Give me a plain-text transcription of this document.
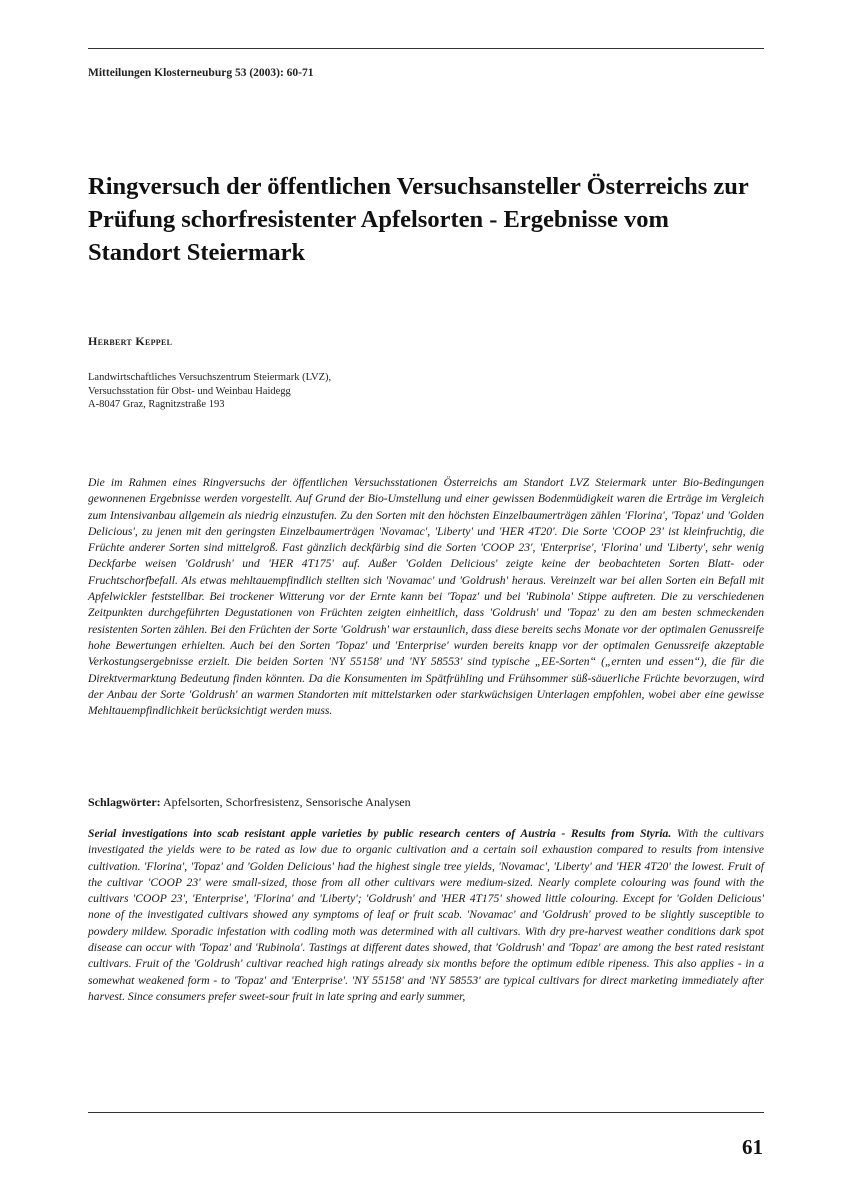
Mitteilungen Klosterneuburg 53 (2003): 60-71
Ringversuch der öffentlichen Versuchsansteller Österreichs zur Prüfung schorfresistenter Apfelsorten - Ergebnisse vom Standort Steiermark
Herbert Keppel
Landwirtschaftliches Versuchszentrum Steiermark (LVZ),
Versuchsstation für Obst- und Weinbau Haidegg
A-8047 Graz, Ragnitzstraße 193

Die im Rahmen eines Ringversuchs der öffentlichen Versuchsstationen Österreichs am Standort LVZ Steiermark unter Bio-Bedingungen gewonnenen Ergebnisse werden vorgestellt. Auf Grund der Bio-Umstellung und einer gewissen Bodenmüdigkeit waren die Erträge im Vergleich zum Intensivanbau allgemein als niedrig einzustufen. Zu den Sorten mit den höchsten Einzelbaumerträgen zählen 'Florina', 'Topaz' und 'Golden Delicious', zu jenen mit den geringsten Einzelbaumerträgen 'Novamac', 'Liberty' und 'HER 4T20'. Die Sorte 'COOP 23' ist kleinfruchtig, die Früchte anderer Sorten sind mittelgroß. Fast gänzlich deckfärbig sind die Sorten 'COOP 23', 'Enterprise', 'Florina' und 'Liberty', sehr wenig Deckfarbe weisen 'Goldrush' und 'HER 4T175' auf. Außer 'Golden Delicious' zeigte keine der beobachteten Sorten Blatt- oder Fruchtschorfbefall. Als etwas mehltauempfindlich stellten sich 'Novamac' und 'Goldrush' heraus. Vereinzelt war bei allen Sorten ein Befall mit Apfelwickler feststellbar. Bei trockener Witterung vor der Ernte kann bei 'Topaz' und bei 'Rubinola' Stippe auftreten. Die zu verschiedenen Zeitpunkten durchgeführten Degustationen von Früchten zeigten einheitlich, dass 'Goldrush' und 'Topaz' zu den am besten schmeckenden resistenten Sorten zählen. Bei den Früchten der Sorte 'Goldrush' war erstaunlich, dass diese bereits sechs Monate vor der optimalen Genussreife hohe Bewertungen erhielten. Auch bei den Sorten 'Topaz' und 'Enterprise' wurden bereits knapp vor der optimalen Genussreife akzeptable Verkostungsergebnisse erzielt. Die beiden Sorten 'NY 55158' und 'NY 58553' sind typische „EE-Sorten“ („ernten und essen“), die für die Direktvermarktung Bedeutung finden könnten. Da die Konsumenten im Spätfrühling und Frühsommer süß-säuerliche Früchte bevorzugen, wird der Anbau der Sorte 'Goldrush' an warmen Standorten mit mittelstarken oder starkwüchsigen Unterlagen empfohlen, wobei aber eine gewisse Mehltauempfindlichkeit berücksichtigt werden muss.

Schlagwörter: Apfelsorten, Schorfresistenz, Sensorische Analysen

Serial investigations into scab resistant apple varieties by public research centers of Austria - Results from Styria. With the cultivars investigated the yields were to be rated as low due to organic cultivation and a certain soil exhaustion compared to results from intensive cultivation. 'Florina', 'Topaz' and 'Golden Delicious' had the highest single tree yields, 'Novamac', 'Liberty' and 'HER 4T20' the lowest. Fruit of the cultivar 'COOP 23' were small-sized, those from all other cultivars were medium-sized. Nearly complete colouring was found with the cultivars 'COOP 23', 'Enterprise', 'Florina' and 'Liberty'; 'Goldrush' and 'HER 4T175' showed little colouring. Except for 'Golden Delicious' none of the investigated cultivars showed any symptoms of leaf or fruit scab. 'Novamac' and 'Goldrush' proved to be slightly susceptible to powdery mildew. Sporadic infestation with codling moth was determined with all cultivars. With dry pre-harvest weather conditions dark spot disease can occur with 'Topaz' and 'Rubinola'. Tastings at different dates showed, that 'Goldrush' and 'Topaz' are among the best rated resistant cultivars. Fruit of the 'Goldrush' cultivar reached high ratings already six months before the optimum edible ripeness. This also applies - in a somewhat weakened form - to 'Topaz' and 'Enterprise'. 'NY 55158' and 'NY 58553' are typical cultivars for direct marketing immediately after harvest. Since consumers prefer sweet-sour fruit in late spring and early summer,

61
